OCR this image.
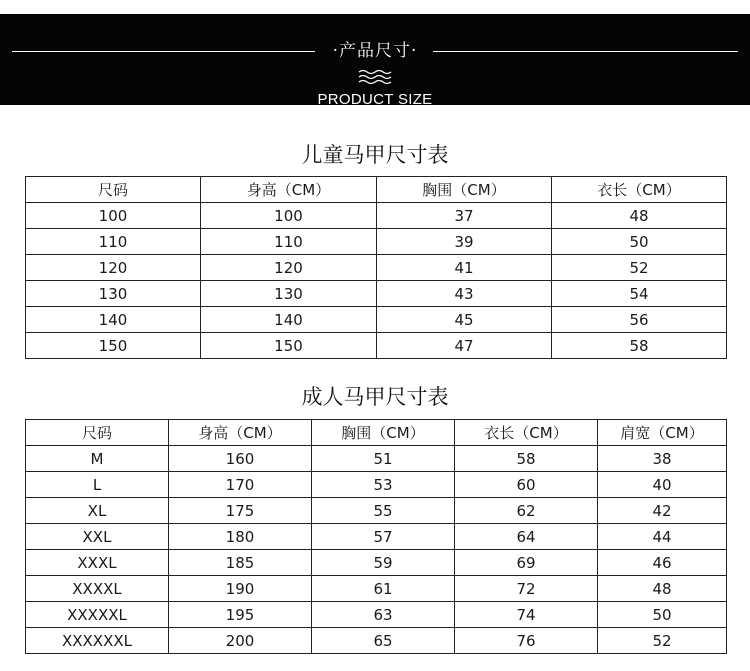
·产品尺寸·
PRODUCT SIZE
儿童马甲尺寸表
尺码	身高（CM）	胸围（CM）	衣长（CM）
100	100	37	48
110	110	39	50
120	120	41	52
130	130	43	54
140	140	45	56
150	150	47	58
成人马甲尺寸表
尺码	身高（CM）	胸围（CM）	衣长（CM）	肩宽（CM）
M	160	51	58	38
L	170	53	60	40
XL	175	55	62	42
XXL	180	57	64	44
XXXL	185	59	69	46
XXXXL	190	61	72	48
XXXXXL	195	63	74	50
XXXXXXL	200	65	76	52
